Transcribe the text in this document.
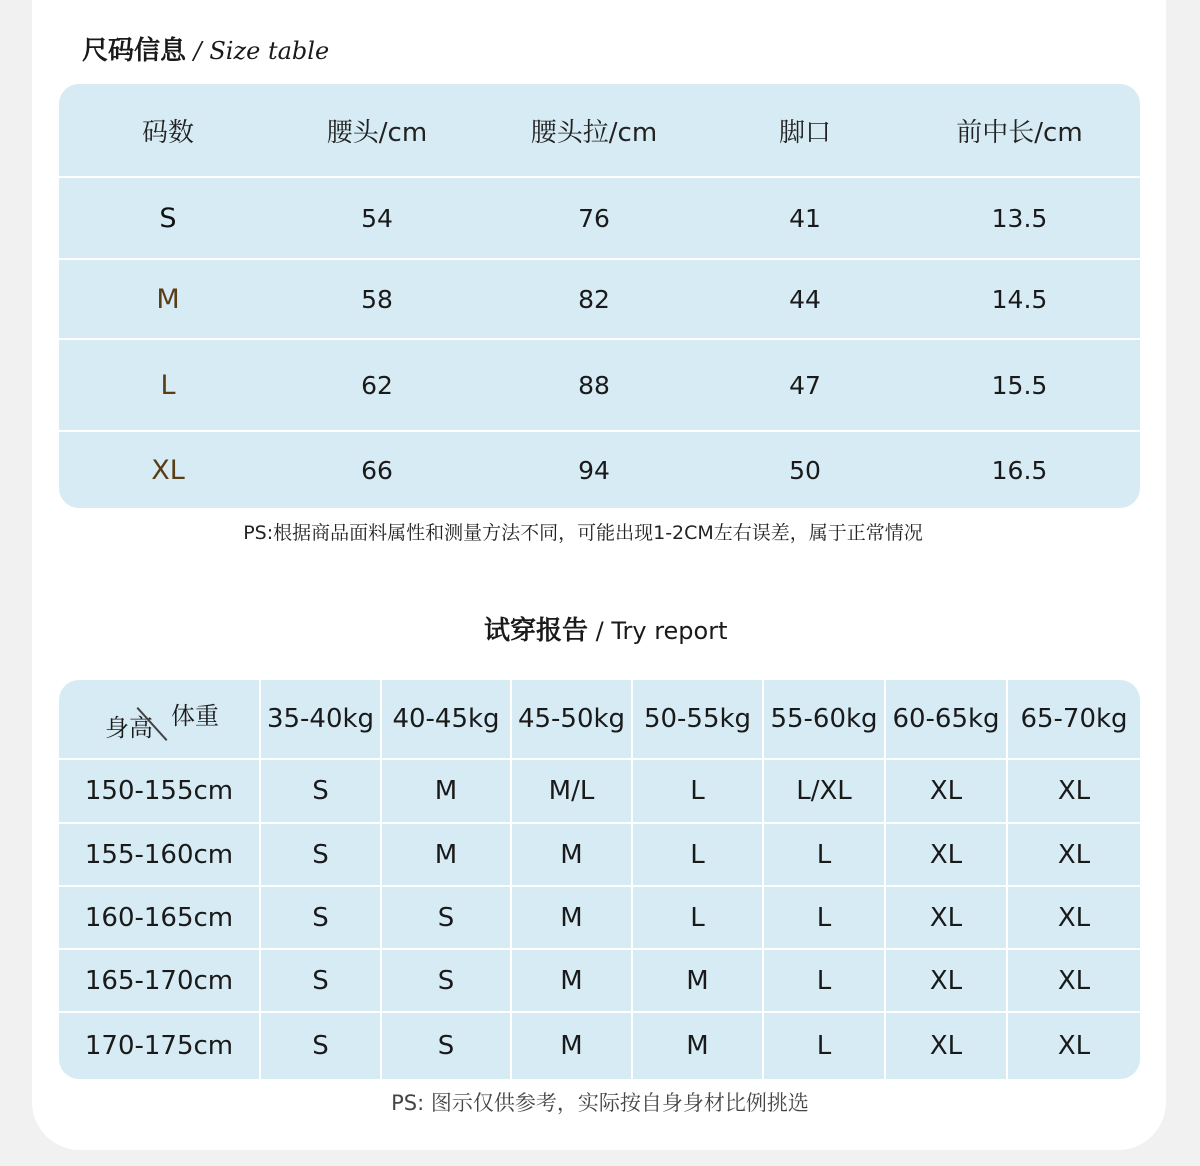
尺码信息 / Size table
码数	腰头/cm	腰头拉/cm	脚口	前中长/cm
S	54	76	41	13.5
M	58	82	44	14.5
L	62	88	47	15.5
XL	66	94	50	16.5
PS:根据商品面料属性和测量方法不同，可能出现1-2CM左右误差，属于正常情况
试穿报告 / Try report
身高 体重	35-40kg 40-45kg 45-50kg 50-55kg 55-60kg 60-65kg 65-70kg
150-155cm	S	M	M/L	L	L/XL	XL	XL
155-160cm	S	M	M	L	L	XL	XL
160-165cm	S	S	M	L	L	XL	XL
165-170cm	S	S	M	M	L	XL	XL
170-175cm	S	S	M	M	L	XL	XL
PS: 图示仅供参考，实际按自身身材比例挑选
